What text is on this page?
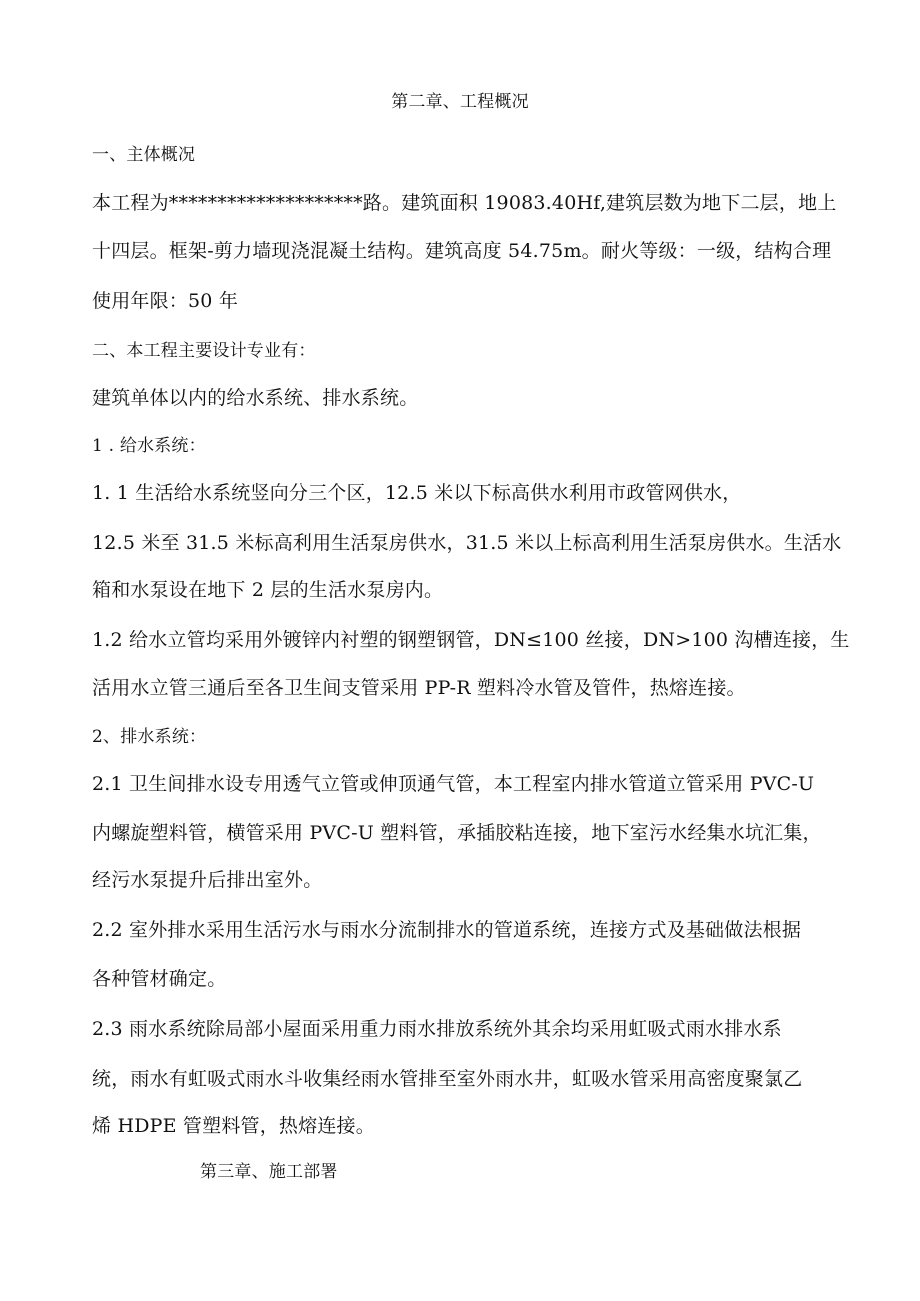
第二章、工程概况
一、主体概况
本工程为********************路。建筑面积 19083.40Hf,建筑层数为地下二层，地上
十四层。框架-剪力墙现浇混凝土结构。建筑高度 54.75m。耐火等级：一级，结构合理
使用年限：50 年
二、本工程主要设计专业有：
建筑单体以内的给水系统、排水系统。
1 . 给水系统：
1. 1 生活给水系统竖向分三个区，12.5 米以下标高供水利用市政管网供水，
12.5 米至 31.5 米标高利用生活泵房供水，31.5 米以上标高利用生活泵房供水。生活水
箱和水泵设在地下 2 层的生活水泵房内。
1.2 给水立管均采用外镀锌内衬塑的钢塑钢管，DN≤100 丝接，DN>100 沟槽连接，生
活用水立管三通后至各卫生间支管采用 PP-R 塑料冷水管及管件，热熔连接。
2、排水系统：
2.1 卫生间排水设专用透气立管或伸顶通气管，本工程室内排水管道立管采用 PVC-U
内螺旋塑料管，横管采用 PVC-U 塑料管，承插胶粘连接，地下室污水经集水坑汇集，
经污水泵提升后排出室外。
2.2 室外排水采用生活污水与雨水分流制排水的管道系统，连接方式及基础做法根据
各种管材确定。
2.3 雨水系统除局部小屋面采用重力雨水排放系统外其余均采用虹吸式雨水排水系
统，雨水有虹吸式雨水斗收集经雨水管排至室外雨水井，虹吸水管采用高密度聚氯乙
烯 HDPE 管塑料管，热熔连接。
第三章、施工部署
